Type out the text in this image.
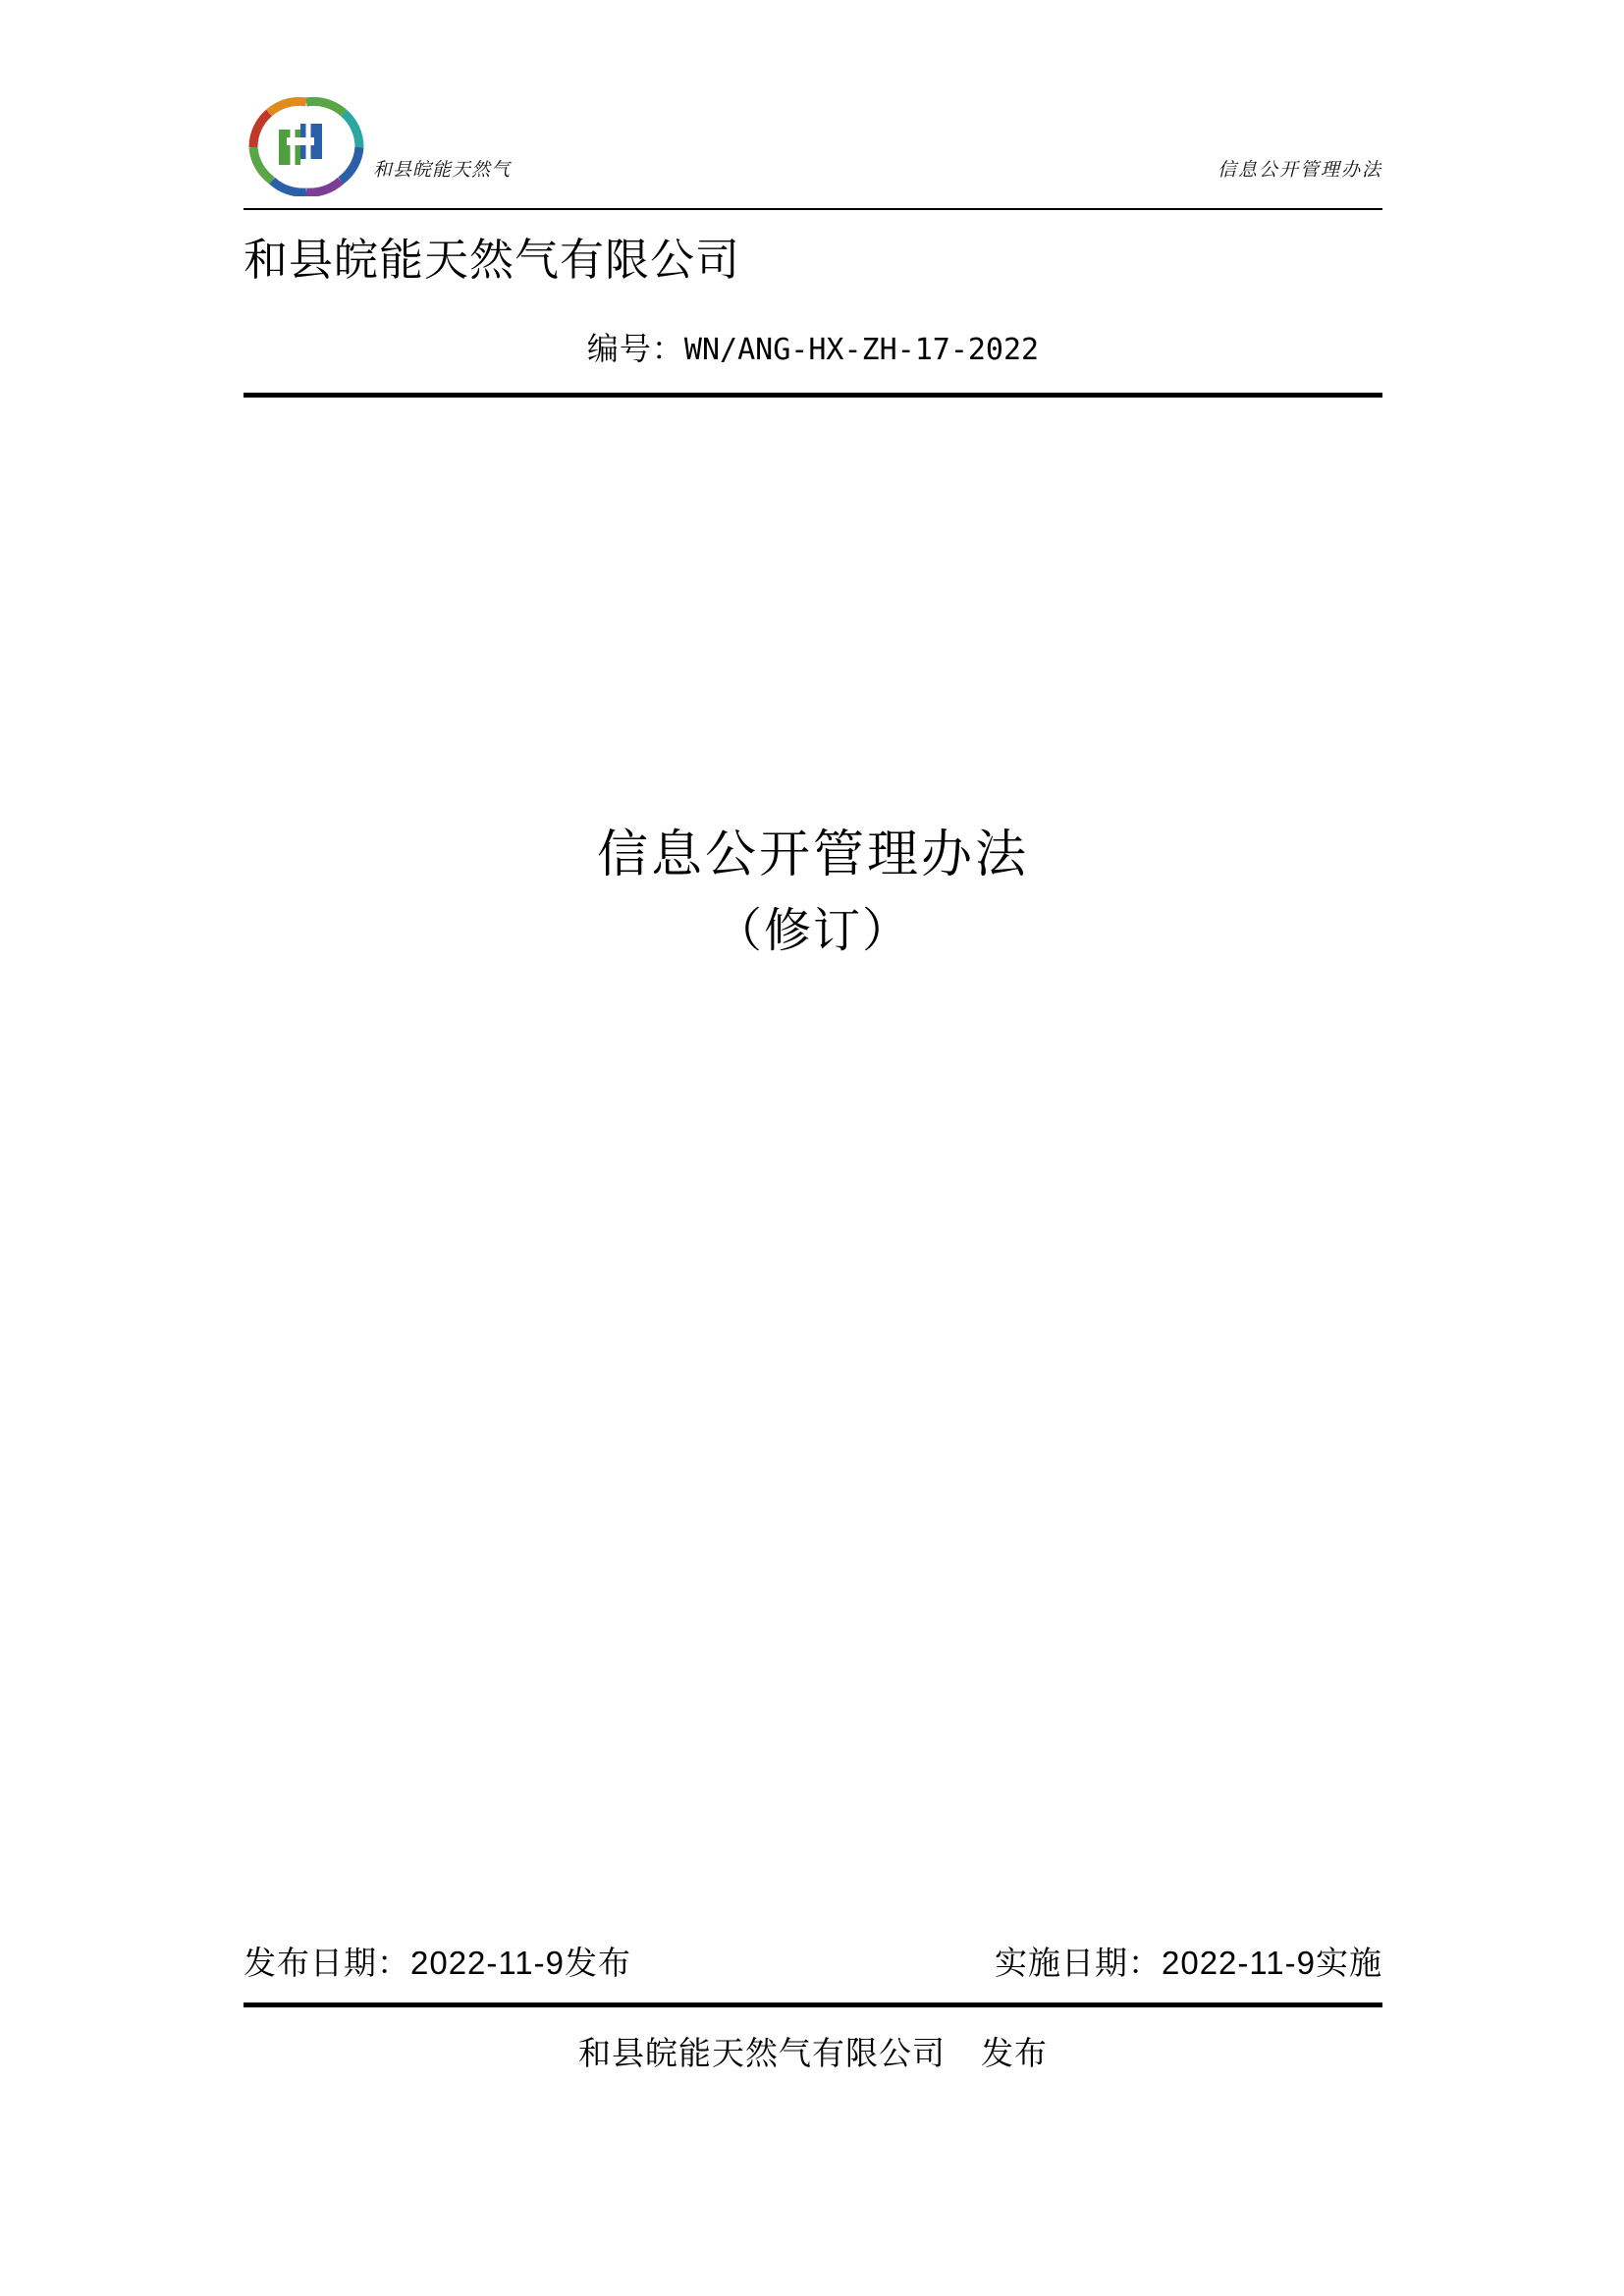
和县皖能天然气	信息公开管理办法
和县皖能天然气有限公司
编号：WN/ANG-HX-ZH-17-2022
信息公开管理办法
（修订）
发布日期：2022-11-9发布	实施日期：2022-11-9实施
和县皖能天然气有限公司 发布
